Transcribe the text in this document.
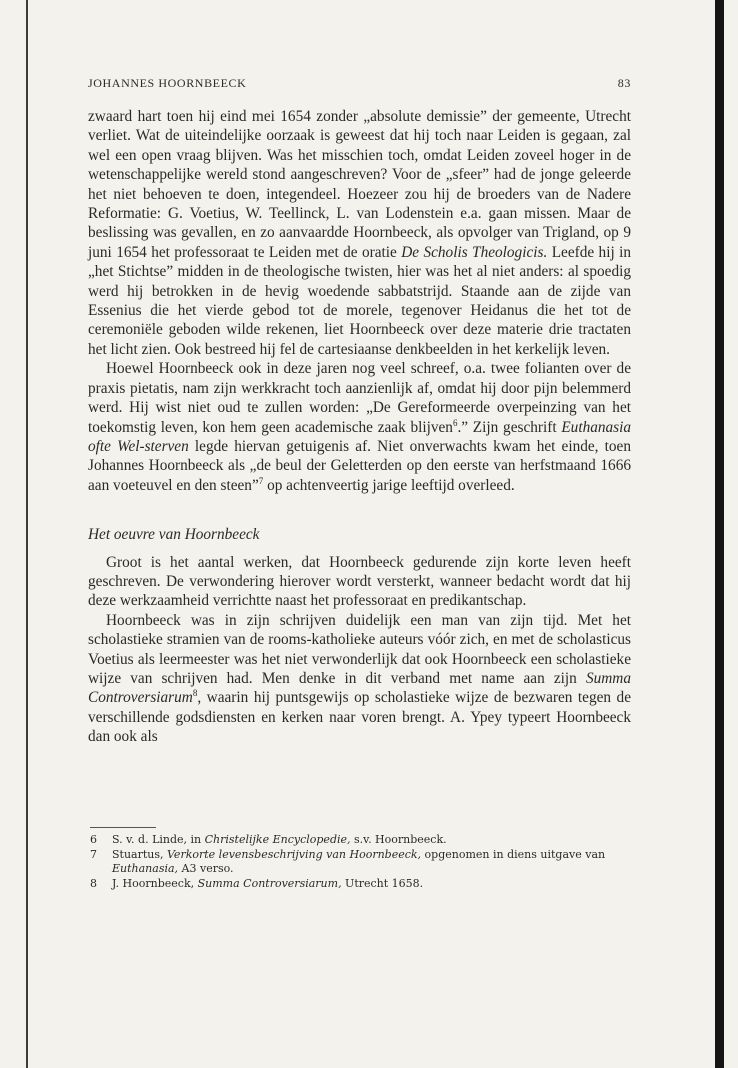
JOHANNES HOORNBEECK	83

zwaard hart toen hij eind mei 1654 zonder „absolute demissie” der gemeente, Utrecht verliet. Wat de uiteindelijke oorzaak is geweest dat hij toch naar Leiden is gegaan, zal wel een open vraag blijven. Was het misschien toch, omdat Leiden zoveel hoger in de wetenschappelijke wereld stond aangeschreven? Voor de „sfeer” had de jonge geleerde het niet behoeven te doen, integendeel. Hoezeer zou hij de broeders van de Nadere Reformatie: G. Voetius, W. Teellinck, L. van Lodenstein e.a. gaan missen. Maar de beslissing was gevallen, en zo aanvaardde Hoornbeeck, als opvolger van Trigland, op 9 juni 1654 het professoraat te Leiden met de oratie De Scholis Theologicis. Leefde hij in „het Stichtse” midden in de theologische twisten, hier was het al niet anders: al spoedig werd hij betrokken in de hevig woedende sabbatstrijd. Staande aan de zijde van Essenius die het vierde gebod tot de morele, tegenover Heidanus die het tot de ceremoniële geboden wilde rekenen, liet Hoornbeeck over deze materie drie tractaten het licht zien. Ook bestreed hij fel de cartesiaanse denkbeelden in het kerkelijk leven.

Hoewel Hoornbeeck ook in deze jaren nog veel schreef, o.a. twee folianten over de praxis pietatis, nam zijn werkkracht toch aanzienlijk af, omdat hij door pijn belemmerd werd. Hij wist niet oud te zullen worden: „De Gereformeerde overpeinzing van het toekomstig leven, kon hem geen academische zaak blijven$^6$.” Zijn geschrift Euthanasia ofte Wel-sterven legde hiervan getuigenis af. Niet onverwachts kwam het einde, toen Johannes Hoornbeeck als „de beul der Geletterden op den eerste van herfstmaand 1666 aan voeteuvel en den steen”$^7$ op achtenveertig jarige leeftijd overleed.

Het oeuvre van Hoornbeeck

Groot is het aantal werken, dat Hoornbeeck gedurende zijn korte leven heeft geschreven. De verwondering hierover wordt versterkt, wanneer bedacht wordt dat hij deze werkzaamheid verrichtte naast het professoraat en predikantschap.

Hoornbeeck was in zijn schrijven duidelijk een man van zijn tijd. Met het scholastieke stramien van de rooms-katholieke auteurs vóór zich, en met de scholasticus Voetius als leermeester was het niet verwonderlijk dat ook Hoornbeeck een scholastieke wijze van schrijven had. Men denke in dit verband met name aan zijn Summa Controversiarum$^8$, waarin hij puntsgewijs op scholastieke wijze de bezwaren tegen de verschillende godsdiensten en kerken naar voren brengt. A. Ypey typeert Hoornbeeck dan ook als

6	S. v. d. Linde, in Christelijke Encyclopedie, s.v. Hoornbeeck.
7	Stuartus, Verkorte levensbeschrijving van Hoornbeeck, opgenomen in diens uitgave van Euthanasia, A3 verso.
8	J. Hoornbeeck, Summa Controversiarum, Utrecht 1658.
